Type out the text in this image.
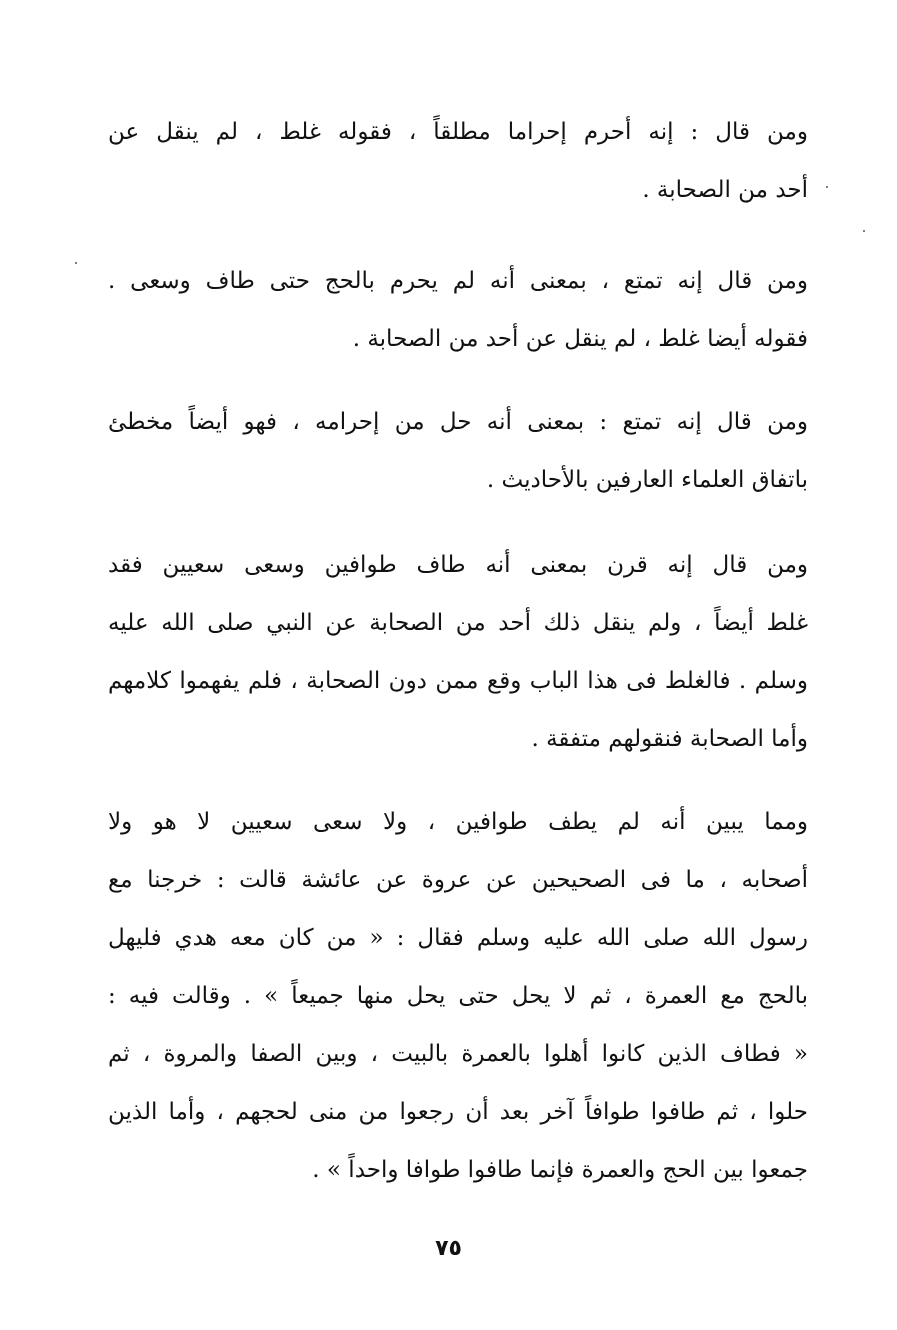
ومن قال : إنه أحرم إحراما مطلقاً ، فقوله غلط ، لم ينقل عن
أحد من الصحابة .
ومن قال إنه تمتع ، بمعنى أنه لم يحرم بالحج حتى طاف وسعى .
فقوله أيضا غلط ، لم ينقل عن أحد من الصحابة .
ومن قال إنه تمتع : بمعنى أنه حل من إحرامه ، فهو أيضاً مخطئ
باتفاق العلماء العارفين بالأحاديث .
ومن قال إنه قرن بمعنى أنه طاف طوافين وسعى سعيين فقد
غلط أيضاً ، ولم ينقل ذلك أحد من الصحابة عن النبي صلى الله عليه
وسلم . فالغلط فى هذا الباب وقع ممن دون الصحابة ، فلم يفهموا كلامهم
وأما الصحابة فنقولهم متفقة .
ومما يبين أنه لم يطف طوافين ، ولا سعى سعيين لا هو ولا
أصحابه ، ما فى الصحيحين عن عروة عن عائشة قالت : خرجنا مع
رسول الله صلى الله عليه وسلم فقال : « من كان معه هدي فليهل
بالحج مع العمرة ، ثم لا يحل حتى يحل منها جميعاً » . وقالت فيه :
« فطاف الذين كانوا أهلوا بالعمرة بالبيت ، وبين الصفا والمروة ، ثم
حلوا ، ثم طافوا طوافاً آخر بعد أن رجعوا من منى لحجهم ، وأما الذين
جمعوا بين الحج والعمرة فإنما طافوا طوافا واحداً » .
٧٥
